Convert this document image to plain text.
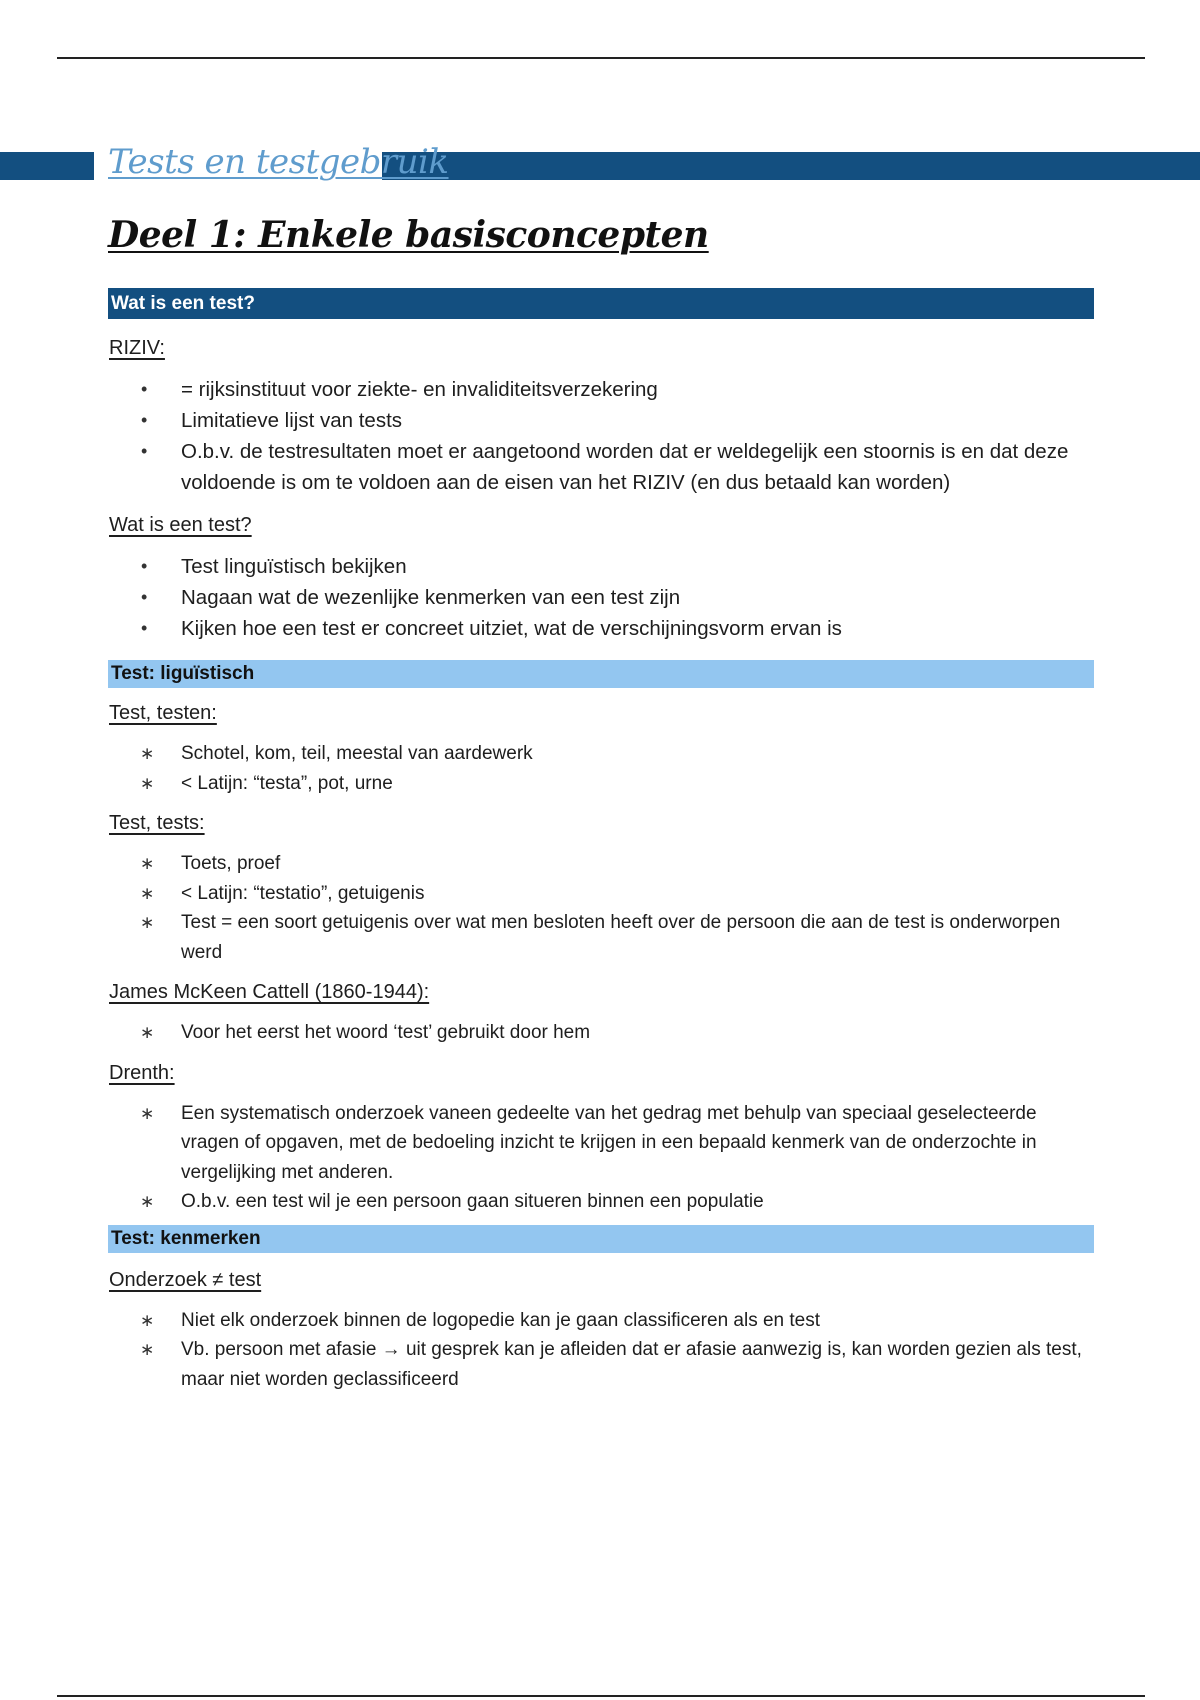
Tests en testgebruik
Deel 1: Enkele basisconcepten
Wat is een test?
RIZIV:
• = rijksinstituut voor ziekte- en invaliditeitsverzekering
• Limitatieve lijst van tests
• O.b.v. de testresultaten moet er aangetoond worden dat er weldegelijk een stoornis is en dat deze voldoende is om te voldoen aan de eisen van het RIZIV (en dus betaald kan worden)
Wat is een test?
• Test linguïstisch bekijken
• Nagaan wat de wezenlijke kenmerken van een test zijn
• Kijken hoe een test er concreet uitziet, wat de verschijningsvorm ervan is
Test: liguïstisch
Test, testen:
∗ Schotel, kom, teil, meestal van aardewerk
∗ < Latijn: “testa”, pot, urne
Test, tests:
∗ Toets, proef
∗ < Latijn: “testatio”, getuigenis
∗ Test = een soort getuigenis over wat men besloten heeft over de persoon die aan de test is onderworpen werd
James McKeen Cattell (1860-1944):
∗ Voor het eerst het woord ‘test’ gebruikt door hem
Drenth:
∗ Een systematisch onderzoek vaneen gedeelte van het gedrag met behulp van speciaal geselecteerde vragen of opgaven, met de bedoeling inzicht te krijgen in een bepaald kenmerk van de onderzochte in vergelijking met anderen.
∗ O.b.v. een test wil je een persoon gaan situeren binnen een populatie
Test: kenmerken
Onderzoek ≠ test
∗ Niet elk onderzoek binnen de logopedie kan je gaan classificeren als en test
∗ Vb. persoon met afasie → uit gesprek kan je afleiden dat er afasie aanwezig is, kan worden gezien als test, maar niet worden geclassificeerd
